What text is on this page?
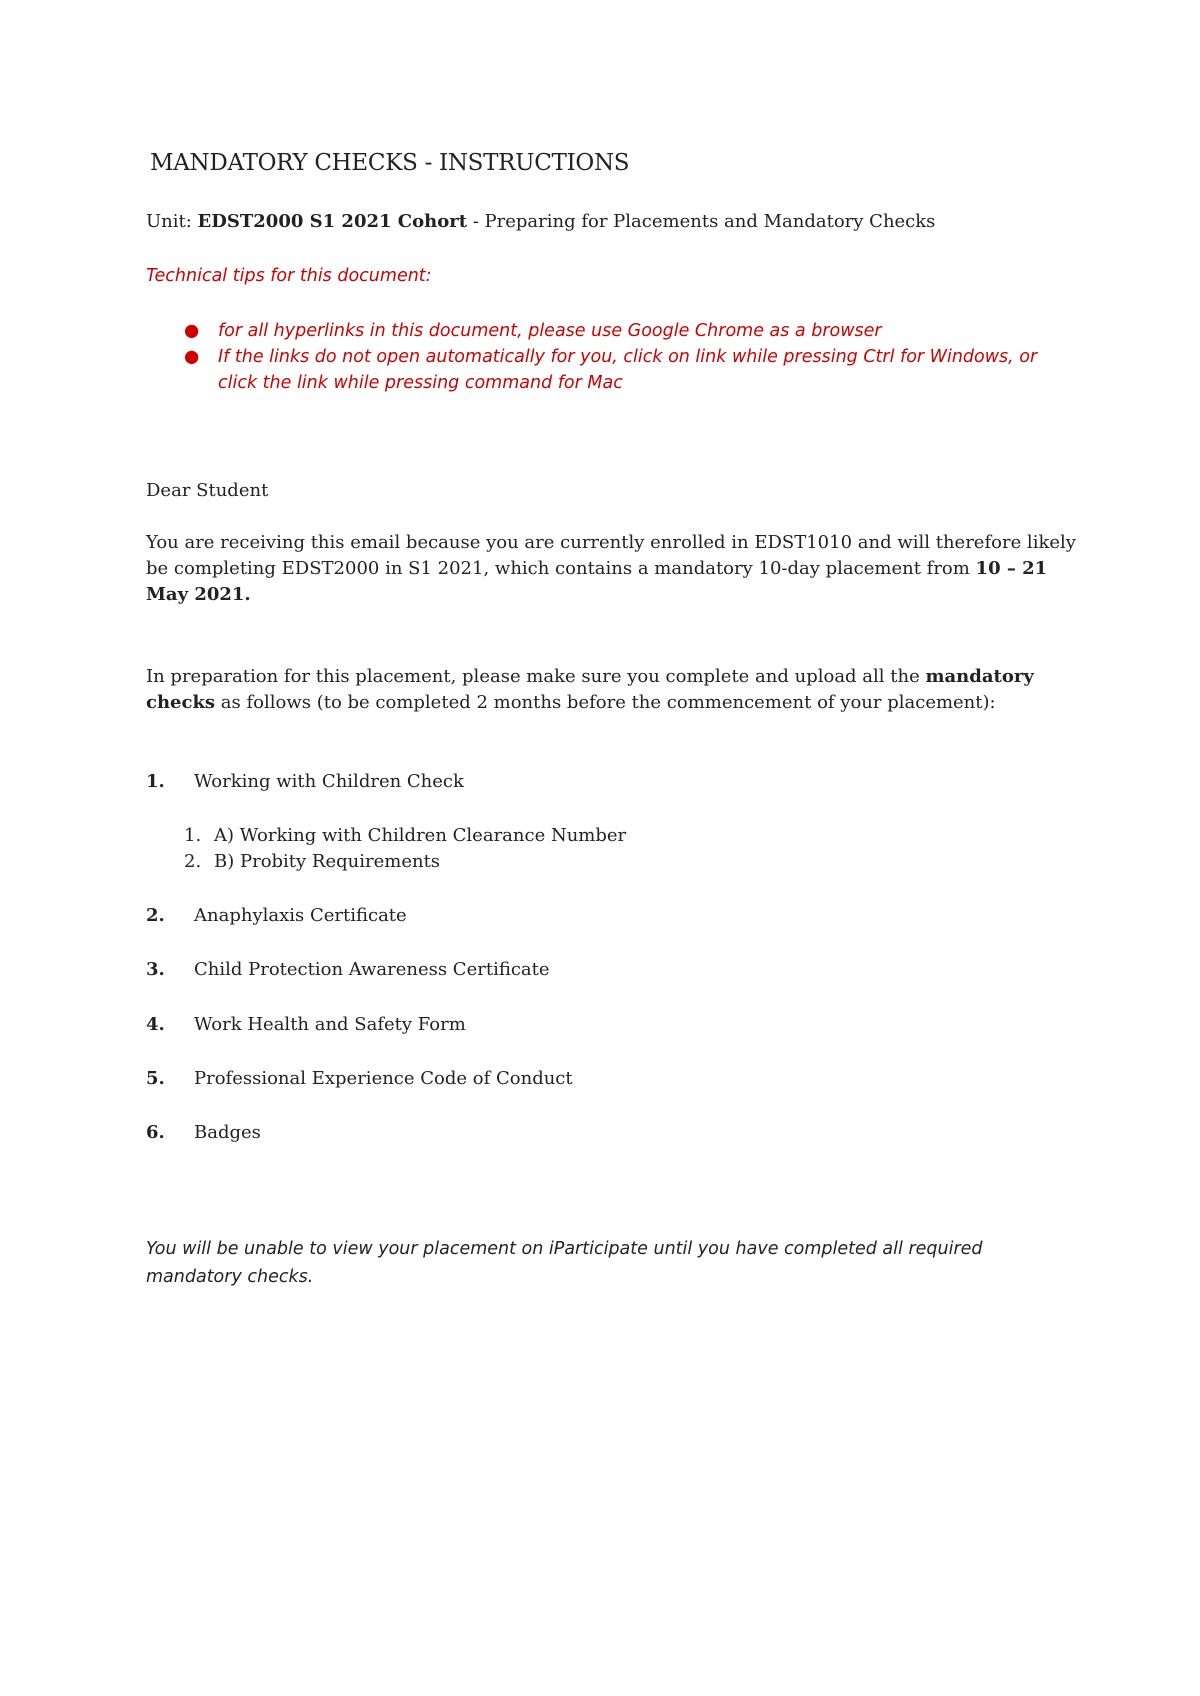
MANDATORY CHECKS - INSTRUCTIONS
Unit: EDST2000 S1 2021 Cohort - Preparing for Placements and Mandatory Checks
Technical tips for this document:
● for all hyperlinks in this document, please use Google Chrome as a browser
● If the links do not open automatically for you, click on link while pressing Ctrl for Windows, or click the link while pressing command for Mac
Dear Student
You are receiving this email because you are currently enrolled in EDST1010 and will therefore likely be completing EDST2000 in S1 2021, which contains a mandatory 10-day placement from 10 – 21 May 2021.
In preparation for this placement, please make sure you complete and upload all the mandatory checks as follows (to be completed 2 months before the commencement of your placement):
1. Working with Children Check
1. A) Working with Children Clearance Number
2. B) Probity Requirements
2. Anaphylaxis Certificate
3. Child Protection Awareness Certificate
4. Work Health and Safety Form
5. Professional Experience Code of Conduct
6. Badges
You will be unable to view your placement on iParticipate until you have completed all required mandatory checks.
